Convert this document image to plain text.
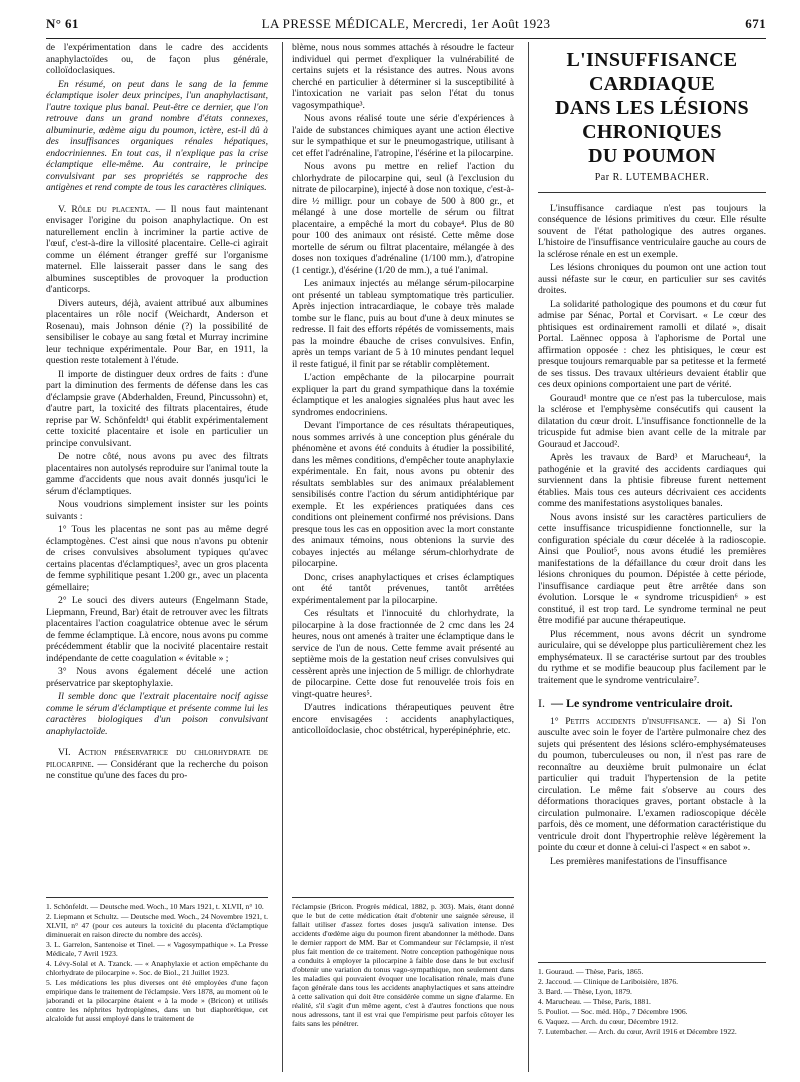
N° 61	LA PRESSE MÉDICALE, Mercredi, 1er Août 1923	671

de l'expérimentation dans le cadre des accidents anaphylactoïdes ou, de façon plus générale, colloïdoclasiques.

En résumé, on peut dans le sang de la femme éclamptique isoler deux principes, l'un anaphylactisant, l'autre toxique plus banal. Peut-être ce dernier, que l'on retrouve dans un grand nombre d'états connexes, albuminurie, œdème aigu du poumon, ictère, est-il dû à des insuffisances organiques rénales hépatiques, endocriniennes. En tout cas, il n'explique pas la crise éclamptique elle-même. Au contraire, le principe convulsivant par ses propriétés se rapproche des antigènes et rend compte de tous les caractères cliniques.

V. Rôle du placenta. — Il nous faut maintenant envisager l'origine du poison anaphylactique. On est naturellement enclin à incriminer la partie active de l'œuf, c'est-à-dire la villosité placentaire. Celle-ci agirait comme un élément étranger greffé sur l'organisme maternel. Elle laisserait passer dans le sang des albumines susceptibles de provoquer la production d'anticorps.

Divers auteurs, déjà, avaient attribué aux albumines placentaires un rôle nocif (Weichardt, Anderson et Rosenau), mais Johnson dénie (?) la possibilité de sensibiliser le cobaye au sang fœtal et Murray incrimine leur technique expérimentale. Pour Bar, en 1911, la question reste totalement à l'étude.

Il importe de distinguer deux ordres de faits : d'une part la diminution des ferments de défense dans les cas d'éclampsie grave (Abderhalden, Freund, Pincussohn) et, d'autre part, la toxicité des filtrats placentaires, étude reprise par W. Schönfeldt¹ qui établit expérimentalement cette toxicité placentaire et isole en particulier un principe convulsivant.

De notre côté, nous avons pu avec des filtrats placentaires non autolysés reproduire sur l'animal toute la gamme d'accidents que nous avait donnés jusqu'ici le sérum d'éclamptiques.

Nous voudrions simplement insister sur les points suivants :

1° Tous les placentas ne sont pas au même degré éclamptogènes. C'est ainsi que nous n'avons pu obtenir de crises convulsives absolument typiques qu'avec certains placentas d'éclamptiques², avec un gros placenta de femme syphilitique pesant 1.200 gr., avec un placenta gémellaire;

2° Le souci des divers auteurs (Engelmann Stade, Liepmann, Freund, Bar) était de retrouver avec les filtrats placentaires l'action coagulatrice obtenue avec le sérum de femme éclamptique. Là encore, nous avons pu comme précédemment établir que la nocivité placentaire restait indépendante de cette coagulation « évitable » ;

3° Nous avons également décelé une action préservatrice par skeptophylaxie.

Il semble donc que l'extrait placentaire nocif agisse comme le sérum d'éclamptique et présente comme lui les caractères biologiques d'un poison convulsivant anaphylactoïde.

VI. Action préservatrice du chlorhydrate de pilocarpine. — Considérant que la recherche du poison ne constitue qu'une des faces du pro-

1. Schönfeldt. — Deutsche med. Woch., 10 Mars 1921, t. XLVII, n° 10.

2. Liepmann et Schultz. — Deutsche med. Woch., 24 Novembre 1921, t. XLVII, n° 47 (pour ces auteurs la toxicité du placenta d'éclamptique diminuerait en raison directe du nombre des accès).

3. L. Garrelon, Santenoise et Tinel. — « Vagosympathique ». La Presse Médicale, 7 Avril 1923.

4. Lévy-Solal et A. Tzanck. — « Anaphylaxie et action empêchante du chlorhydrate de pilocarpine ». Soc. de Biol., 21 Juillet 1923.

5. Les médications les plus diverses ont été employées d'une façon empirique dans le traitement de l'éclampsie. Vers 1878, au moment où le jaborandi et la pilocarpine étaient « à la mode » (Bricon) et utilisés contre les néphrites hydropigènes, dans un but diaphorétique, cet alcaloïde fut aussi employé dans le traitement de

blème, nous nous sommes attachés à résoudre le facteur individuel qui permet d'expliquer la vulnérabilité de certains sujets et la résistance des autres. Nous avons cherché en particulier à déterminer si la susceptibilité à l'intoxication ne variait pas selon l'état du tonus vagosympathique³.

Nous avons réalisé toute une série d'expériences à l'aide de substances chimiques ayant une action élective sur le sympathique et sur le pneumogastrique, utilisant à cet effet l'adrénaline, l'atropine, l'ésérine et la pilocarpine.

Nous avons pu mettre en relief l'action du chlorhydrate de pilocarpine qui, seul (à l'exclusion du nitrate de pilocarpine), injecté à dose non toxique, c'est-à-dire ½ milligr. pour un cobaye de 500 à 800 gr., et mélangé à une dose mortelle de sérum ou filtrat placentaire, a empêché la mort du cobaye⁴. Plus de 80 pour 100 des animaux ont résisté. Cette même dose mortelle de sérum ou filtrat placentaire, mélangée à des doses non toxiques d'adrénaline (1/100 mm.), d'atropine (1 centigr.), d'ésérine (1/20 de mm.), a tué l'animal.

Les animaux injectés au mélange sérum-pilocarpine ont présenté un tableau symptomatique très particulier. Après injection intracardiaque, le cobaye très malade tombe sur le flanc, puis au bout d'une à deux minutes se redresse. Il fait des efforts répétés de vomissements, mais pas la moindre ébauche de crises convulsives. Enfin, après un temps variant de 5 à 10 minutes pendant lequel il reste fatigué, il finit par se rétablir complètement.

L'action empêchante de la pilocarpine pourrait expliquer la part du grand sympathique dans la toxémie éclamptique et les analogies signalées plus haut avec les syndromes endocriniens.

Devant l'importance de ces résultats thérapeutiques, nous sommes arrivés à une conception plus générale du phénomène et avons été conduits à étudier la possibilité, dans les mêmes conditions, d'empêcher toute anaphylaxie expérimentale. En fait, nous avons pu obtenir des résultats semblables sur des animaux préalablement sensibilisés contre l'action du sérum antidiphtérique par exemple. Et les expériences pratiquées dans ces conditions ont pleinement confirmé nos prévisions. Dans presque tous les cas en opposition avec la mort constante des animaux témoins, nous obtenions la survie des cobayes injectés au mélange sérum-chlorhydrate de pilocarpine.

Donc, crises anaphylactiques et crises éclamptiques ont été tantôt prévenues, tantôt arrêtées expérimentalement par la pilocarpine.

Ces résultats et l'innocuité du chlorhydrate, la pilocarpine à la dose fractionnée de 2 cmc dans les 24 heures, nous ont amenés à traiter une éclamptique dans le service de l'un de nous. Cette femme avait présenté au septième mois de la gestation neuf crises convulsives qui cessèrent après une injection de 5 milligr. de chlorhydrate de pilocarpine. Cette dose fut renouvelée trois fois en vingt-quatre heures⁵.

D'autres indications thérapeutiques peuvent être encore envisagées : accidents anaphylactiques, anticolloïdoclasie, choc obstétrical, hyperépinéphrie, etc.

l'éclampsie (Bricon. Progrès médical, 1882, p. 303). Mais, étant donné que le but de cette médication était d'obtenir une saignée séreuse, il fallait utiliser d'assez fortes doses jusqu'à salivation intense. Des accidents d'œdème aigu du poumon firent abandonner la méthode. Dans le dernier rapport de MM. Bar et Commandeur sur l'éclampsie, il n'est plus fait mention de ce traitement. Notre conception pathogénique nous a conduits à employer la pilocarpine à faible dose dans le but exclusif d'obtenir une variation du tonus vago-sympathique, non seulement dans les maladies qui pouvaient évoquer une localisation rénale, mais d'une façon générale dans tous les accidents anaphylactiques et sans atteindre à cette salivation qui doit être considérée comme un signe d'alarme. En réalité, s'il s'agit d'un même agent, c'est à d'autres fonctions que nous nous adressons, tant il est vrai que l'empirisme peut parfois côtoyer les faits sans les pénétrer.

L'INSUFFISANCE CARDIAQUE
DANS LES LÉSIONS CHRONIQUES
DU POUMON
Par R. LUTEMBACHER.

L'insuffisance cardiaque n'est pas toujours la conséquence de lésions primitives du cœur. Elle résulte souvent de l'état pathologique des autres organes. L'histoire de l'insuffisance ventriculaire gauche au cours de la sclérose rénale en est un exemple.

Les lésions chroniques du poumon ont une action tout aussi néfaste sur le cœur, en particulier sur ses cavités droites.

La solidarité pathologique des poumons et du cœur fut admise par Sénac, Portal et Corvisart. « Le cœur des phtisiques est ordinairement ramolli et dilaté », disait Portal. Laënnec opposa à l'aphorisme de Portal une affirmation opposée : chez les phtisiques, le cœur est presque toujours remarquable par sa petitesse et la fermeté de ses tissus. Des travaux ultérieurs devaient établir que ces deux opinions comportaient une part de vérité.

Gouraud¹ montre que ce n'est pas la tuberculose, mais la sclérose et l'emphysème consécutifs qui causent la dilatation du cœur droit. L'insuffisance fonctionnelle de la tricuspide fut admise bien avant celle de la mitrale par Gouraud et Jaccoud².

Après les travaux de Bard³ et Marucheau⁴, la pathogénie et la gravité des accidents cardiaques qui surviennent dans la phtisie fibreuse furent nettement établies. Mais tous ces auteurs décrivaient ces accidents comme des manifestations asystoliques banales.

Nous avons insisté sur les caractères particuliers de cette insuffisance tricuspidienne fonctionnelle, sur la configuration spéciale du cœur décelée à la radioscopie. Ainsi que Pouliot⁵, nous avons étudié les premières manifestations de la défaillance du cœur droit dans les lésions chroniques du poumon. Dépistée à cette période, l'insuffisance cardiaque peut être arrêtée dans son évolution. Lorsque le « syndrome tricuspidien⁶ » est constitué, il est trop tard. Le syndrome terminal ne peut être modifié par aucune thérapeutique.

Plus récemment, nous avons décrit un syndrome auriculaire, qui se développe plus particulièrement chez les emphysémateux. Il se caractérise surtout par des troubles du rythme et se modifie beaucoup plus facilement par le traitement que le syndrome ventriculaire⁷.

I. — Le syndrome ventriculaire droit.

1° Petits accidents d'insuffisance. — a) Si l'on ausculte avec soin le foyer de l'artère pulmonaire chez des sujets qui présentent des lésions scléro-emphysémateuses du poumon, tuberculeuses ou non, il n'est pas rare de reconnaître au deuxième bruit pulmonaire un éclat particulier qui traduit l'hypertension de la petite circulation. Le même fait s'observe au cours des déformations thoraciques graves, portant obstacle à la circulation pulmonaire. L'examen radioscopique décèle parfois, dès ce moment, une déformation caractéristique du ventricule droit dont l'hypertrophie relève légèrement la pointe du cœur et donne à celui-ci l'aspect « en sabot ».

Les premières manifestations de l'insuffisance

1. Gouraud. — Thèse, Paris, 1865.

2. Jaccoud. — Clinique de Lariboisière, 1876.

3. Bard. — Thèse, Lyon, 1879.

4. Marucheau. — Thèse, Paris, 1881.

5. Pouliot. — Soc. méd. Hôp., 7 Décembre 1906.

6. Vaquez. — Arch. du cœur, Décembre 1912.

7. Lutembacher. — Arch. du cœur, Avril 1916 et Décembre 1922.
